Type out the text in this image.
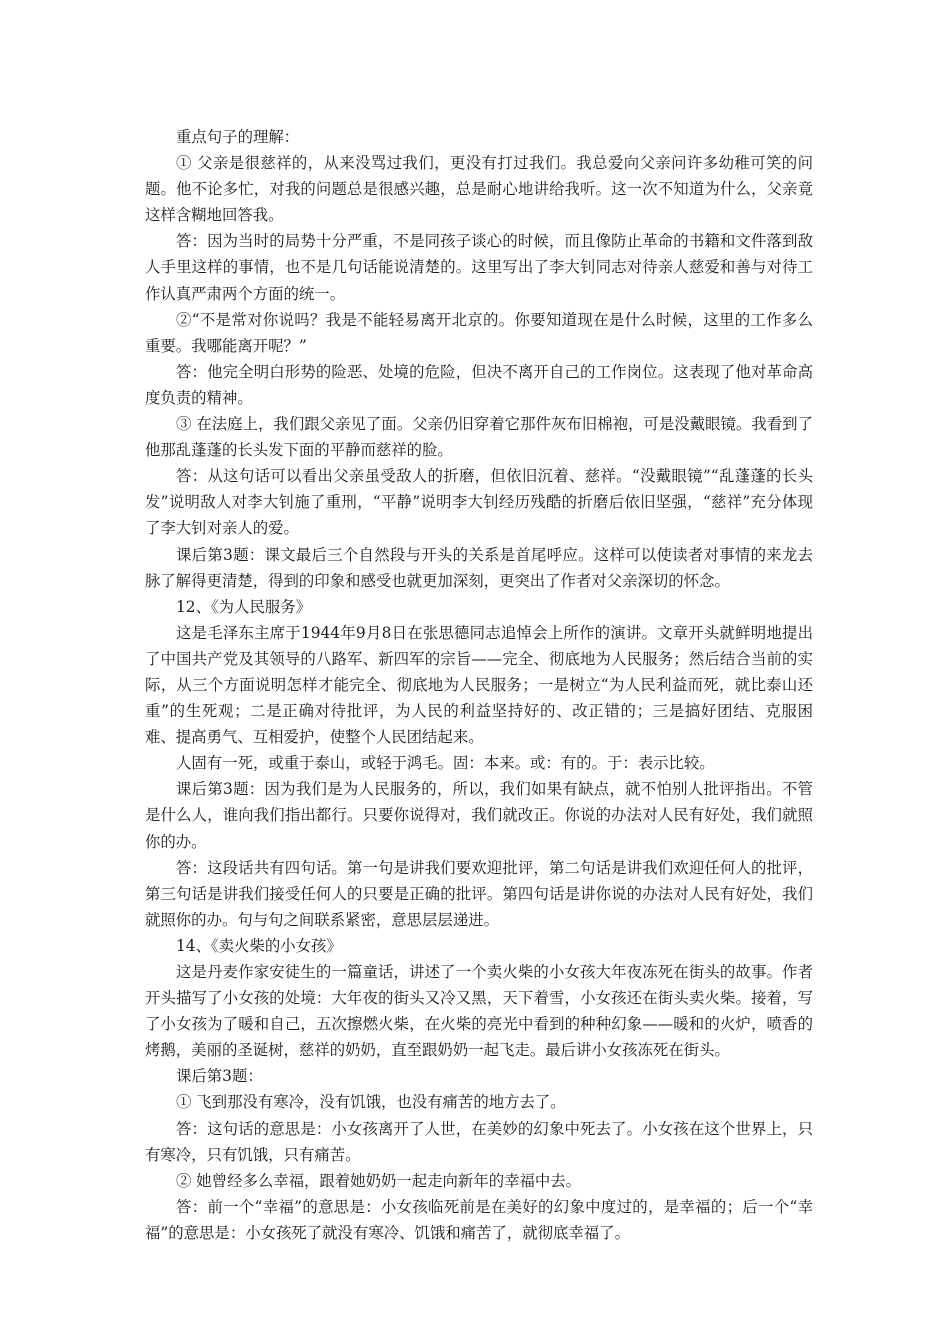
重点句子的理解：

① 父亲是很慈祥的，从来没骂过我们，更没有打过我们。我总爱向父亲问许多幼稚可笑的问题。他不论多忙，对我的问题总是很感兴趣，总是耐心地讲给我听。这一次不知道为什么，父亲竟这样含糊地回答我。

答：因为当时的局势十分严重，不是同孩子谈心的时候，而且像防止革命的书籍和文件落到敌人手里这样的事情，也不是几句话能说清楚的。这里写出了李大钊同志对待亲人慈爱和善与对待工作认真严肃两个方面的统一。

②“不是常对你说吗？我是不能轻易离开北京的。你要知道现在是什么时候，这里的工作多么重要。我哪能离开呢？”

答：他完全明白形势的险恶、处境的危险，但决不离开自己的工作岗位。这表现了他对革命高度负责的精神。

③ 在法庭上，我们跟父亲见了面。父亲仍旧穿着它那件灰布旧棉袍，可是没戴眼镜。我看到了他那乱蓬蓬的长头发下面的平静而慈祥的脸。

答：从这句话可以看出父亲虽受敌人的折磨，但依旧沉着、慈祥。“没戴眼镜”“乱蓬蓬的长头发”说明敌人对李大钊施了重刑，“平静”说明李大钊经历残酷的折磨后依旧坚强，“慈祥”充分体现了李大钊对亲人的爱。

课后第3题：课文最后三个自然段与开头的关系是首尾呼应。这样可以使读者对事情的来龙去脉了解得更清楚，得到的印象和感受也就更加深刻，更突出了作者对父亲深切的怀念。

12、《为人民服务》

这是毛泽东主席于1944年9月8日在张思德同志追悼会上所作的演讲。文章开头就鲜明地提出了中国共产党及其领导的八路军、新四军的宗旨——完全、彻底地为人民服务；然后结合当前的实际，从三个方面说明怎样才能完全、彻底地为人民服务；一是树立“为人民利益而死，就比泰山还重”的生死观；二是正确对待批评，为人民的利益坚持好的、改正错的；三是搞好团结、克服困难、提高勇气、互相爱护，使整个人民团结起来。

人固有一死，或重于泰山，或轻于鸿毛。固：本来。或：有的。于：表示比较。

课后第3题：因为我们是为人民服务的，所以，我们如果有缺点，就不怕别人批评指出。不管是什么人，谁向我们指出都行。只要你说得对，我们就改正。你说的办法对人民有好处，我们就照你的办。

答：这段话共有四句话。第一句是讲我们要欢迎批评，第二句话是讲我们欢迎任何人的批评，第三句话是讲我们接受任何人的只要是正确的批评。第四句话是讲你说的办法对人民有好处，我们就照你的办。句与句之间联系紧密，意思层层递进。

14、《卖火柴的小女孩》

这是丹麦作家安徒生的一篇童话，讲述了一个卖火柴的小女孩大年夜冻死在街头的故事。作者开头描写了小女孩的处境：大年夜的街头又冷又黑，天下着雪，小女孩还在街头卖火柴。接着，写了小女孩为了暖和自己，五次擦燃火柴，在火柴的亮光中看到的种种幻象——暖和的火炉，喷香的烤鹅，美丽的圣诞树，慈祥的奶奶，直至跟奶奶一起飞走。最后讲小女孩冻死在街头。

课后第3题：

① 飞到那没有寒冷，没有饥饿，也没有痛苦的地方去了。

答：这句话的意思是：小女孩离开了人世，在美妙的幻象中死去了。小女孩在这个世界上，只有寒冷，只有饥饿，只有痛苦。

② 她曾经多么幸福，跟着她奶奶一起走向新年的幸福中去。

答：前一个“幸福”的意思是：小女孩临死前是在美好的幻象中度过的，是幸福的；后一个“幸福”的意思是：小女孩死了就没有寒冷、饥饿和痛苦了，就彻底幸福了。
